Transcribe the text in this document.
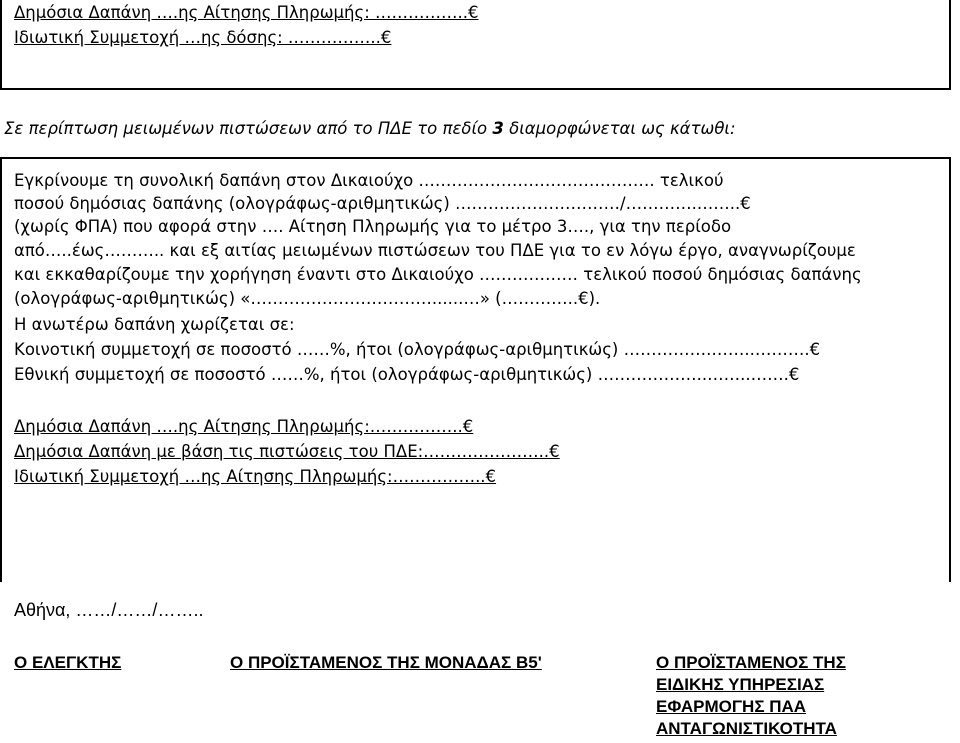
Δημόσια Δαπάνη ….ης Αίτησης Πληρωμής: ……………..€
Ιδιωτική Συμμετοχή …ης δόσης: ……………..€
Σε περίπτωση μειωμένων πιστώσεων από το ΠΔΕ το πεδίο 3 διαμορφώνεται ως κάτωθι:
Εγκρίνουμε τη συνολική δαπάνη στον Δικαιούχο ……………………………………. τελικού
ποσού δημόσιας δαπάνης (ολογράφως-αριθμητικώς) …………………………/………….……..€
(χωρίς ΦΠΑ) που αφορά στην …. Αίτηση Πληρωμής για το μέτρο 3…., για την περίοδο
από…..έως……….. και εξ αιτίας μειωμένων πιστώσεων του ΠΔΕ για το εν λόγω έργο, αναγνωρίζουμε
και εκκαθαρίζουμε την χορήγηση έναντι στο Δικαιούχο ……………… τελικού ποσού δημόσιας δαπάνης
(ολογράφως-αριθμητικώς) «……………………………......…» (…………..€).
Η ανωτέρω δαπάνη χωρίζεται σε:
Κοινοτική συμμετοχή σε ποσοστό ……%, ήτοι (ολογράφως-αριθμητικώς) …………….……..……….€
Εθνική συμμετοχή σε ποσοστό ……%, ήτοι (ολογράφως-αριθμητικώς) ………………..……..…….€
Δημόσια Δαπάνη ….ης Αίτησης Πληρωμής:……………..€
Δημόσια Δαπάνη με βάση τις πιστώσεις του ΠΔΕ:…………………..€
Ιδιωτική Συμμετοχή …ης Αίτησης Πληρωμής:……………..€
Αθήνα, ……/……/……..
Ο ΕΛΕΓΚΤΗΣ	Ο ΠΡΟΪΣΤΑΜΕΝΟΣ ΤΗΣ ΜΟΝΑΔΑΣ Β5'	Ο ΠΡΟΪΣΤΑΜΕΝΟΣ ΤΗΣ
ΕΙΔΙΚΗΣ ΥΠΗΡΕΣΙΑΣ
ΕΦΑΡΜΟΓΗΣ ΠΑΑ
ΑΝΤΑΓΩΝΙΣΤΙΚΟΤΗΤΑ
